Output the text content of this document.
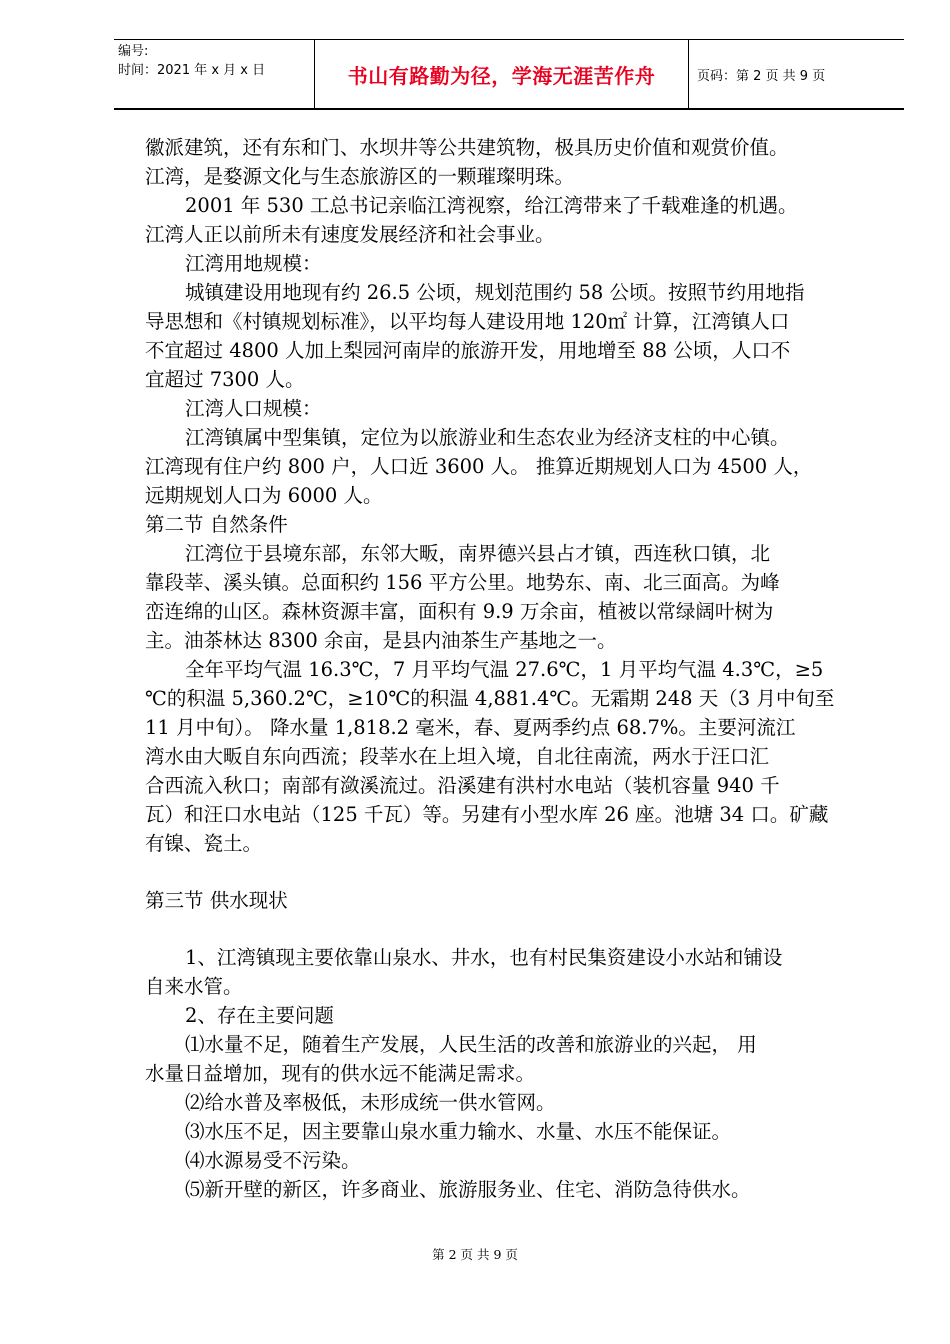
编号:
时间：2021 年 x 月 x 日	书山有路勤为径，学海无涯苦作舟	页码：第 2 页 共 9 页

徽派建筑，还有东和门、水坝井等公共建筑物，极具历史价值和观赏价值。

江湾，是婺源文化与生态旅游区的一颗璀璨明珠。

2001 年 530 工总书记亲临江湾视察，给江湾带来了千载难逢的机遇。

江湾人正以前所未有速度发展经济和社会事业。

江湾用地规模：

城镇建设用地现有约 26.5 公顷，规划范围约 58 公顷。按照节约用地指

导思想和《村镇规划标准》，以平均每人建设用地 120㎡ 计算，江湾镇人口

不宜超过 4800 人加上梨园河南岸的旅游开发，用地增至 88 公顷，人口不

宜超过 7300 人。

江湾人口规模：

江湾镇属中型集镇，定位为以旅游业和生态农业为经济支柱的中心镇。

江湾现有住户约 800 户，人口近 3600 人。 推算近期规划人口为 4500 人，

远期规划人口为 6000 人。

第二节 自然条件

江湾位于县境东部，东邻大畈，南界德兴县占才镇，西连秋口镇，北

靠段莘、溪头镇。总面积约 156 平方公里。地势东、南、北三面高。为峰

峦连绵的山区。森林资源丰富，面积有 9.9 万余亩，植被以常绿阔叶树为

主。油茶林达 8300 余亩，是县内油茶生产基地之一。

全年平均气温 16.3℃，7 月平均气温 27.6℃，1 月平均气温 4.3℃，≥5

℃的积温 5,360.2℃，≥10℃的积温 4,881.4℃。无霜期 248 天（3 月中旬至

11 月中旬）。 降水量 1,818.2 毫米，春、夏两季约点 68.7%。主要河流江

湾水由大畈自东向西流；段莘水在上坦入境，自北往南流，两水于汪口汇

合西流入秋口；南部有潋溪流过。沿溪建有洪村水电站（装机容量 940 千

瓦）和汪口水电站（125 千瓦）等。另建有小型水库 26 座。池塘 34 口。矿藏

有镍、瓷土。

第三节 供水现状

1、江湾镇现主要依靠山泉水、井水，也有村民集资建设小水站和铺设

自来水管。

2、存在主要问题

⑴水量不足，随着生产发展，人民生活的改善和旅游业的兴起， 用

水量日益增加，现有的供水远不能满足需求。

⑵给水普及率极低，未形成统一供水管网。

⑶水压不足，因主要靠山泉水重力输水、水量、水压不能保证。

⑷水源易受不污染。

⑸新开壁的新区，许多商业、旅游服务业、住宅、消防急待供水。

第 2 页 共 9 页
